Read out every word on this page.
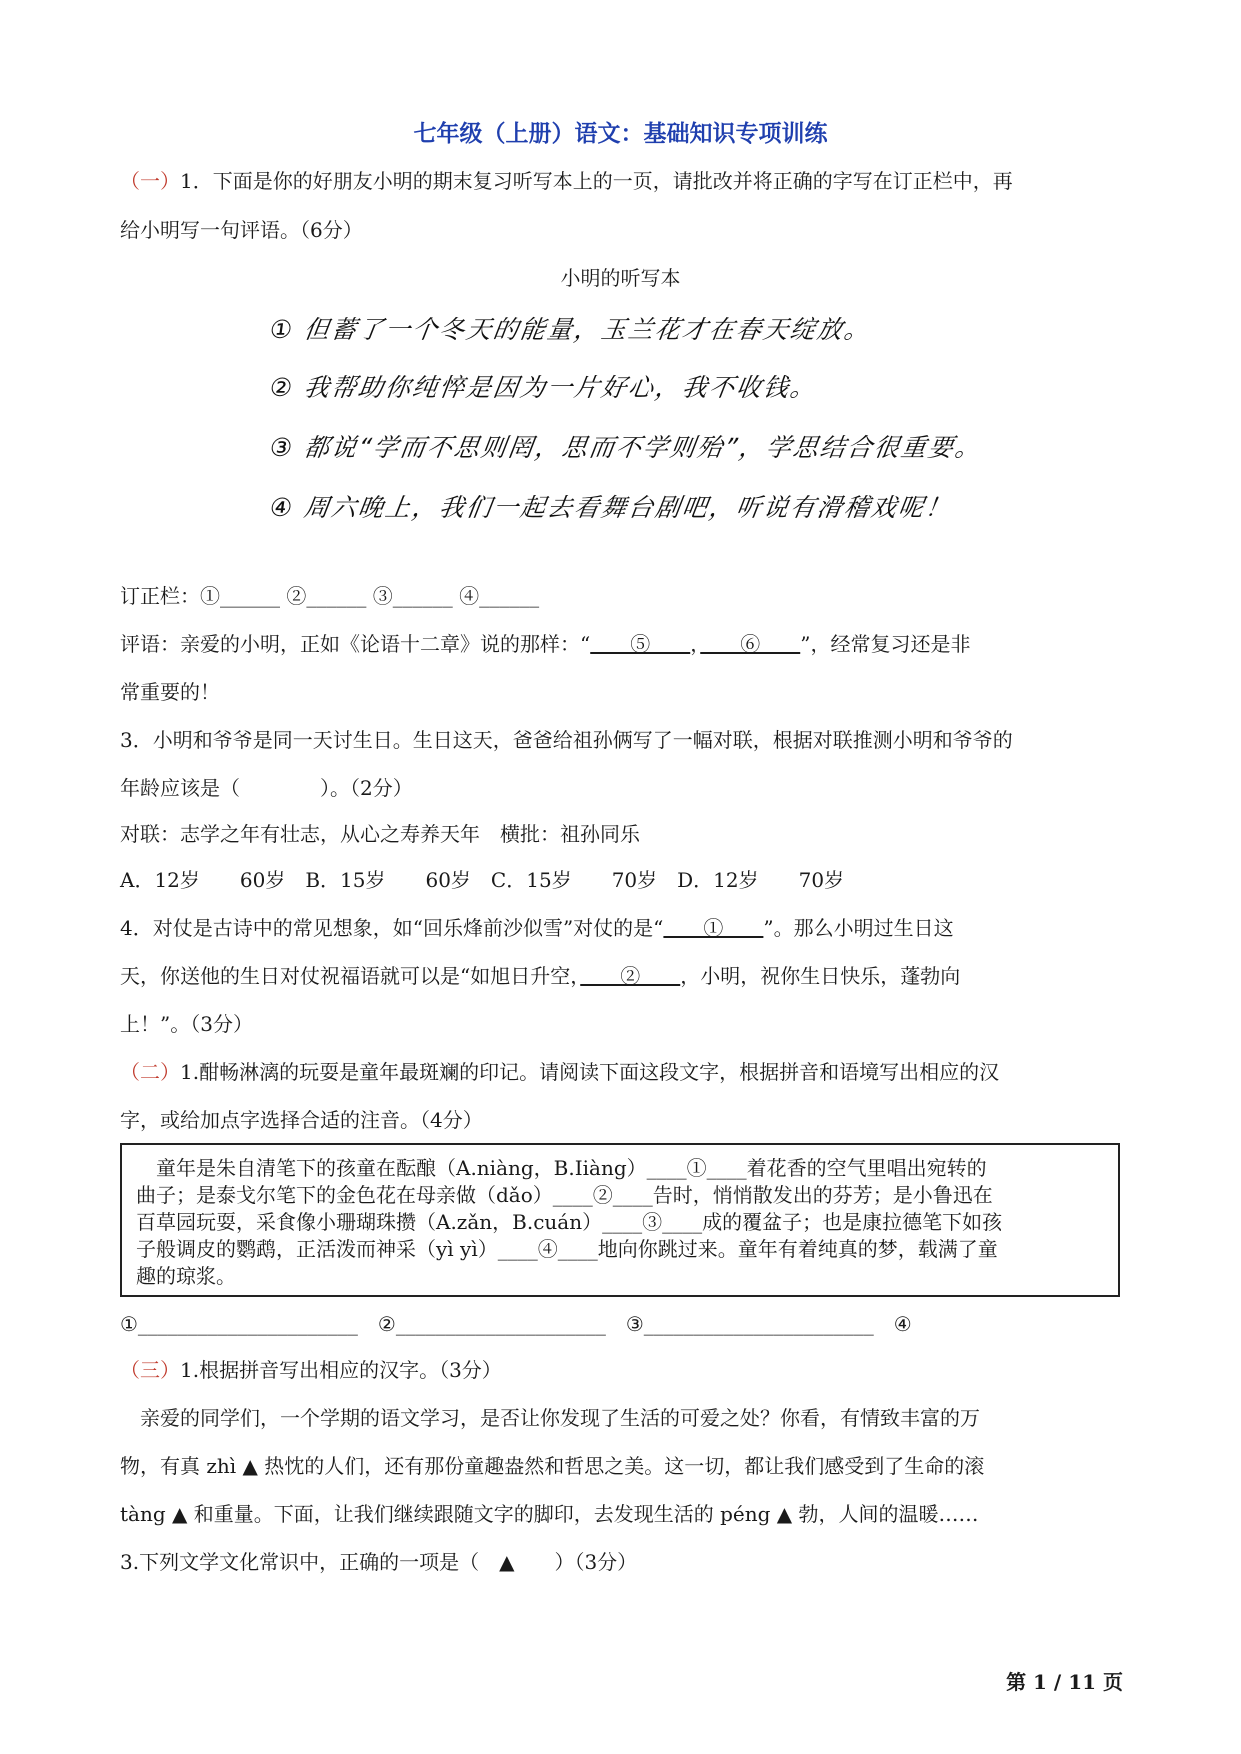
七年级（上册）语文：基础知识专项训练
（一）1．下面是你的好朋友小明的期末复习听写本上的一页，请批改并将正确的字写在订正栏中，再
给小明写一句评语。（6分）
小明的听写本
① 但蓄了一个冬天的能量，玉兰花才在春天绽放。
② 我帮助你纯悴是因为一片好心，我不收钱。
③ 都说“学而不思则罔，思而不学则殆”，学思结合很重要。
④ 周六晚上，我们一起去看舞台剧吧，听说有滑稽戏呢！
订正栏：①______ ②______ ③______ ④______
评语：亲爱的小明，正如《论语十二章》说的那样：“　　⑤　　，　　⑥　　”，经常复习还是非
常重要的！
3．小明和爷爷是同一天讨生日。生日这天，爸爸给祖孙俩写了一幅对联，根据对联推测小明和爷爷的
年龄应该是（　　　　）。（2分）
对联：志学之年有壮志，从心之寿养天年　横批：祖孙同乐
A．12岁　　60岁　B．15岁　　60岁　C．15岁　　70岁　D．12岁　　70岁
4．对仗是古诗中的常见想象，如“回乐烽前沙似雪”对仗的是“　　①　　”。那么小明过生日这
天，你送他的生日对仗祝福语就可以是“如旭日升空，　　②　　，小明，祝你生日快乐，蓬勃向
上！”。（3分）
（二）1.酣畅淋漓的玩耍是童年最斑斓的印记。请阅读下面这段文字，根据拼音和语境写出相应的汉
字，或给加点字选择合适的注音。（4分）
　童年是朱自清笔下的孩童在酝酿（A.niàng，B.Iiàng）____①____着花香的空气里唱出宛转的
曲子；是泰戈尔笔下的金色花在母亲做（dǎo）____②____告时，悄悄散发出的芬芳；是小鲁迅在
百草园玩耍，采食像小珊瑚珠攒（A.zǎn，B.cuán）____③____成的覆盆子；也是康拉德笔下如孩
子般调皮的鹦鹉，正活泼而神采（yì yì）____④____地向你跳过来。童年有着纯真的梦，载满了童
趣的琼浆。
①______________________　②_____________________　③_______________________　④
（三）1.根据拼音写出相应的汉字。（3分）
　亲爱的同学们，一个学期的语文学习，是否让你发现了生活的可爱之处？你看，有情致丰富的万
物，有真 zhì ▲ 热忱的人们，还有那份童趣盎然和哲思之美。这一切，都让我们感受到了生命的滚
tàng ▲ 和重量。下面，让我们继续跟随文字的脚印，去发现生活的 péng ▲ 勃，人间的温暖……
3.下列文学文化常识中，正确的一项是（　▲　　）（3分）
第 1 / 11 页
